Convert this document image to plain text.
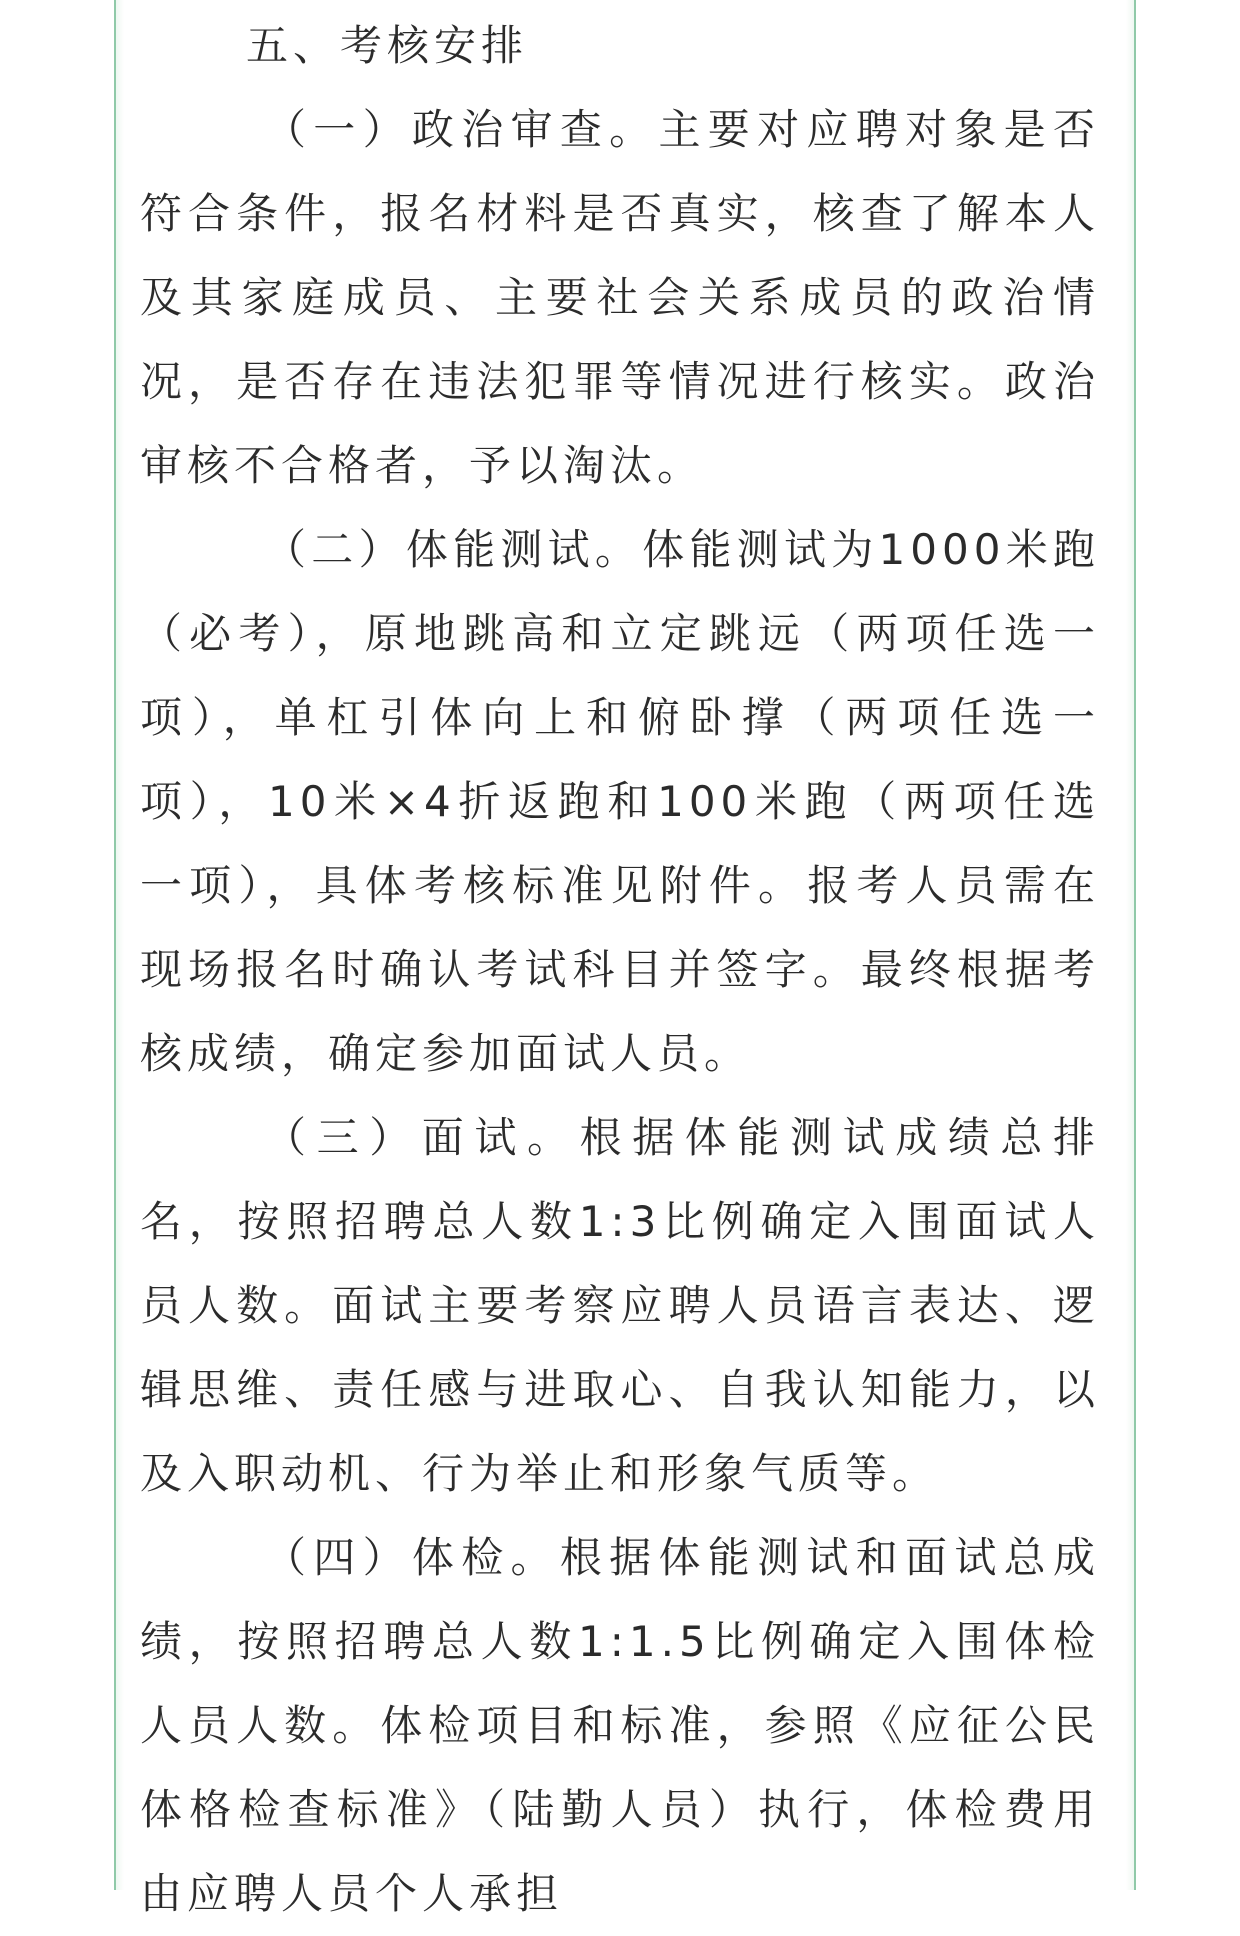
五、考核安排

（一）政治审查。主要对应聘对象是否符合条件，报名材料是否真实，核查了解本人及其家庭成员、主要社会关系成员的政治情况，是否存在违法犯罪等情况进行核实。政治审核不合格者，予以淘汰。

（二）体能测试。体能测试为1000米跑（必考），原地跳高和立定跳远（两项任选一项），单杠引体向上和俯卧撑（两项任选一项），10米×4折返跑和100米跑（两项任选一项），具体考核标准见附件。报考人员需在现场报名时确认考试科目并签字。最终根据考核成绩，确定参加面试人员。

（三）面试。根据体能测试成绩总排名，按照招聘总人数1:3比例确定入围面试人员人数。面试主要考察应聘人员语言表达、逻辑思维、责任感与进取心、自我认知能力，以及入职动机、行为举止和形象气质等。

（四）体检。根据体能测试和面试总成绩，按照招聘总人数1:1.5比例确定入围体检人员人数。体检项目和标准，参照《应征公民体格检查标准》（陆勤人员）执行，体检费用由应聘人员个人承担
